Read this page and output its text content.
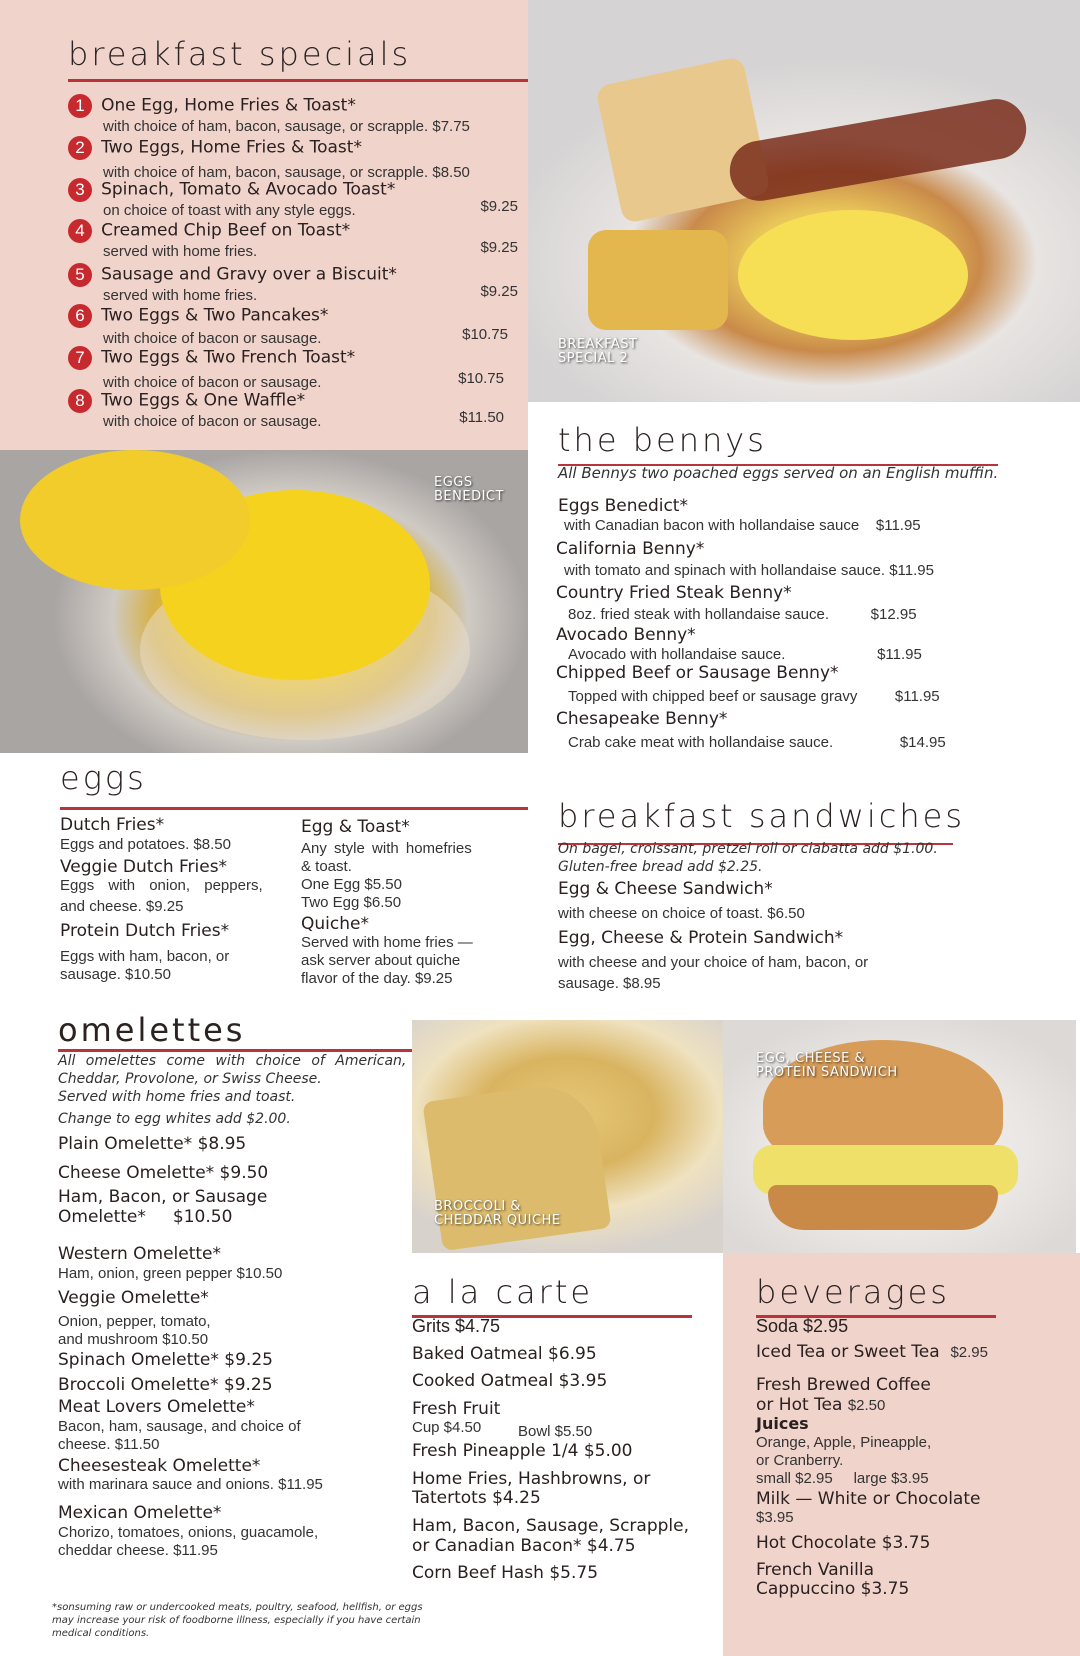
breakfast specials
1 One Egg, Home Fries & Toast*
with choice of ham, bacon, sausage, or scrapple. $7.75
2 Two Eggs, Home Fries & Toast*
with choice of ham, bacon, sausage, or scrapple. $8.50
3 Spinach, Tomato & Avocado Toast*
on choice of toast with any style eggs.	$9.25
4 Creamed Chip Beef on Toast*
served with home fries.	$9.25
5 Sausage and Gravy over a Biscuit*
served with home fries.	$9.25
6 Two Eggs & Two Pancakes*
with choice of bacon or sausage.	$10.75
7 Two Eggs & Two French Toast*
with choice of bacon or sausage.	$10.75
8 Two Eggs & One Waffle*
with choice of bacon or sausage.	$11.50
BREAKFAST
SPECIAL 2
EGGS
BENEDICT
the bennys
All Bennys two poached eggs served on an English muffin.
Eggs Benedict*
with Canadian bacon with hollandaise sauce $11.95
California Benny*
with tomato and spinach with hollandaise sauce. $11.95
Country Fried Steak Benny*
8oz. fried steak with hollandaise sauce.	$12.95
Avocado Benny*
Avocado with hollandaise sauce.	$11.95
Chipped Beef or Sausage Benny*
Topped with chipped beef or sausage gravy	$11.95
Chesapeake Benny*
Crab cake meat with hollandaise sauce.	$14.95
eggs
Dutch Fries*
Eggs and potatoes. $8.50
Veggie Dutch Fries*
Eggs with onion, peppers,
and cheese. $9.25
Protein Dutch Fries*
Eggs with ham, bacon, or
sausage. $10.50
Egg & Toast*
Any style with homefries
& toast.
One Egg $5.50
Two Egg $6.50
Quiche*
Served with home fries —
ask server about quiche
flavor of the day. $9.25
breakfast sandwiches
On bagel, croissant, pretzel roll or ciabatta add $1.00.
Gluten-free bread add $2.25.
Egg & Cheese Sandwich*
with cheese on choice of toast. $6.50
Egg, Cheese & Protein Sandwich*
with cheese and your choice of ham, bacon, or
sausage. $8.95
omelettes
All omelettes come with choice of American,
Cheddar, Provolone, or Swiss Cheese.
Served with home fries and toast.
Change to egg whites add $2.00.
Plain Omelette* $8.95
Cheese Omelette* $9.50
Ham, Bacon, or Sausage
Omelette* $10.50
Western Omelette*
Ham, onion, green pepper $10.50
Veggie Omelette*
Onion, pepper, tomato,
and mushroom $10.50
Spinach Omelette* $9.25
Broccoli Omelette* $9.25
Meat Lovers Omelette*
Bacon, ham, sausage, and choice of
cheese. $11.50
Cheesesteak Omelette*
with marinara sauce and onions. $11.95
Mexican Omelette*
Chorizo, tomatoes, onions, guacamole,
cheddar cheese. $11.95
*sonsuming raw or undercooked meats, poultry, seafood, hellfish, or eggs
may increase your risk of foodborne illness, especially if you have certain
medical conditions.
BROCCOLI &
CHEDDAR QUICHE
EGG, CHEESE &
PROTEIN SANDWICH
a la carte
Grits $4.75
Baked Oatmeal $6.95
Cooked Oatmeal $3.95
Fresh Fruit
Cup $4.50 Bowl $5.50
Fresh Pineapple 1/4 $5.00
Home Fries, Hashbrowns, or
Tatertots $4.25
Ham, Bacon, Sausage, Scrapple,
or Canadian Bacon* $4.75
Corn Beef Hash $5.75
beverages
Soda $2.95
Iced Tea or Sweet Tea $2.95
Fresh Brewed Coffee
or Hot Tea $2.50
Juices
Orange, Apple, Pineapple,
or Cranberry.
small $2.95 large $3.95
Milk — White or Chocolate
$3.95
Hot Chocolate $3.75
French Vanilla
Cappuccino $3.75
